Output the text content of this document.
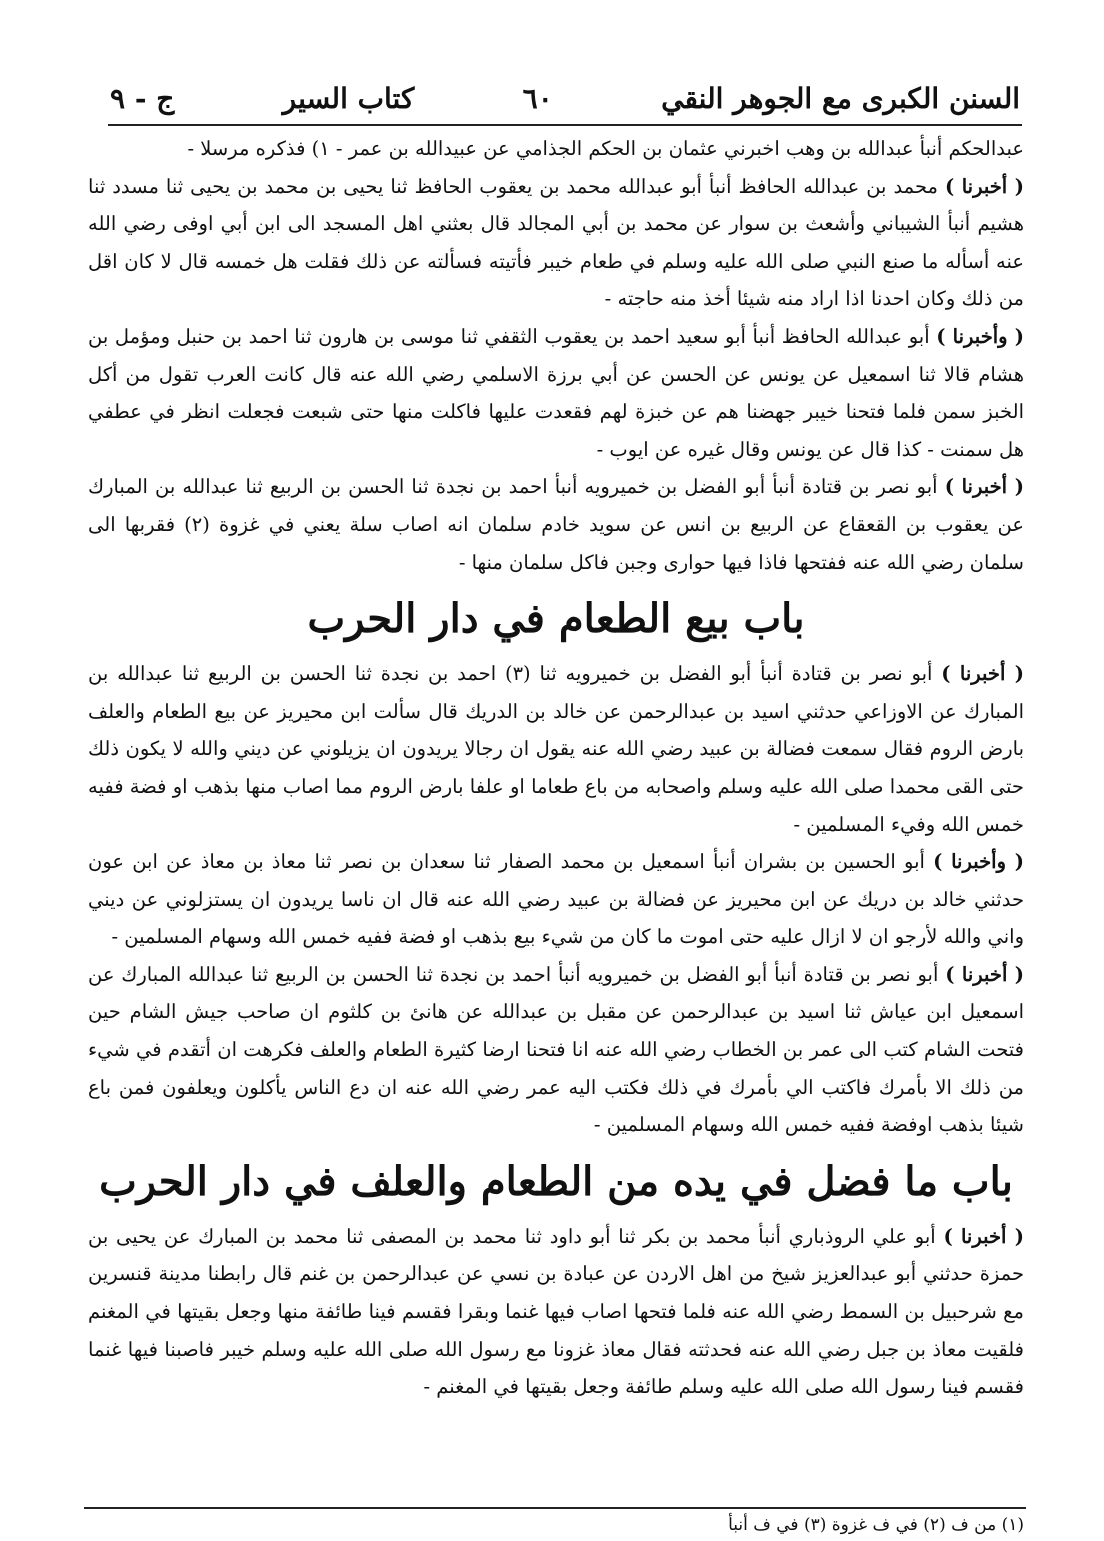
السنن الكبرى مع الجوهر النقي
٦٠
كتاب السير
ج - ٩

عبدالحكم أنبأ عبدالله بن وهب اخبرني عثمان بن الحكم الجذامي عن عبيدالله بن عمر - ١) فذكره مرسلا -

( أخبرنا ) محمد بن عبدالله الحافظ أنبأ أبو عبدالله محمد بن يعقوب الحافظ ثنا يحيى بن محمد بن يحيى ثنا مسدد ثنا هشيم أنبأ الشيباني وأشعث بن سوار عن محمد بن أبي المجالد قال بعثني اهل المسجد الى ابن أبي اوفى رضي الله عنه أسأله ما صنع النبي صلى الله عليه وسلم في طعام خيبر فأتيته فسألته عن ذلك فقلت هل خمسه قال لا كان اقل من ذلك وكان احدنا اذا اراد منه شيئا أخذ منه حاجته -

( وأخبرنا ) أبو عبدالله الحافظ أنبأ أبو سعيد احمد بن يعقوب الثقفي ثنا موسى بن هارون ثنا احمد بن حنبل ومؤمل بن هشام قالا ثنا اسمعيل عن يونس عن الحسن عن أبي برزة الاسلمي رضي الله عنه قال كانت العرب تقول من أكل الخبز سمن فلما فتحنا خيبر جهضنا هم عن خبزة لهم فقعدت عليها فاكلت منها حتى شبعت فجعلت انظر في عطفي هل سمنت - كذا قال عن يونس وقال غيره عن ايوب -

( أخبرنا ) أبو نصر بن قتادة أنبأ أبو الفضل بن خميرويه أنبأ احمد بن نجدة ثنا الحسن بن الربيع ثنا عبدالله بن المبارك عن يعقوب بن القعقاع عن الربيع بن انس عن سويد خادم سلمان انه اصاب سلة يعني في غزوة (٢) فقربها الى سلمان رضي الله عنه ففتحها فاذا فيها حوارى وجبن فاكل سلمان منها -

باب بيع الطعام في دار الحرب

( أخبرنا ) أبو نصر بن قتادة أنبأ أبو الفضل بن خميرويه ثنا (٣) احمد بن نجدة ثنا الحسن بن الربيع ثنا عبدالله بن المبارك عن الاوزاعي حدثني اسيد بن عبدالرحمن عن خالد بن الدريك قال سألت ابن محيريز عن بيع الطعام والعلف بارض الروم فقال سمعت فضالة بن عبيد رضي الله عنه يقول ان رجالا يريدون ان يزيلوني عن ديني والله لا يكون ذلك حتى القى محمدا صلى الله عليه وسلم واصحابه من باع طعاما او علفا بارض الروم مما اصاب منها بذهب او فضة ففيه خمس الله وفيء المسلمين -

( وأخبرنا ) أبو الحسين بن بشران أنبأ اسمعيل بن محمد الصفار ثنا سعدان بن نصر ثنا معاذ بن معاذ عن ابن عون حدثني خالد بن دريك عن ابن محيريز عن فضالة بن عبيد رضي الله عنه قال ان ناسا يريدون ان يستزلوني عن ديني واني والله لأرجو ان لا ازال عليه حتى اموت ما كان من شيء بيع بذهب او فضة ففيه خمس الله وسهام المسلمين -

( أخبرنا ) أبو نصر بن قتادة أنبأ أبو الفضل بن خميرويه أنبأ احمد بن نجدة ثنا الحسن بن الربيع ثنا عبدالله المبارك عن اسمعيل ابن عياش ثنا اسيد بن عبدالرحمن عن مقبل بن عبدالله عن هانئ بن كلثوم ان صاحب جيش الشام حين فتحت الشام كتب الى عمر بن الخطاب رضي الله عنه انا فتحنا ارضا كثيرة الطعام والعلف فكرهت ان أتقدم في شيء من ذلك الا بأمرك فاكتب الي بأمرك في ذلك فكتب اليه عمر رضي الله عنه ان دع الناس يأكلون ويعلفون فمن باع شيئا بذهب اوفضة ففيه خمس الله وسهام المسلمين -

باب ما فضل في يده من الطعام والعلف في دار الحرب

( أخبرنا ) أبو علي الروذباري أنبأ محمد بن بكر ثنا أبو داود ثنا محمد بن المصفى ثنا محمد بن المبارك عن يحيى بن حمزة حدثني أبو عبدالعزيز شيخ من اهل الاردن عن عبادة بن نسي عن عبدالرحمن بن غنم قال رابطنا مدينة قنسرين مع شرحبيل بن السمط رضي الله عنه فلما فتحها اصاب فيها غنما وبقرا فقسم فينا طائفة منها وجعل بقيتها في المغنم فلقيت معاذ بن جبل رضي الله عنه فحدثته فقال معاذ غزونا مع رسول الله صلى الله عليه وسلم خيبر فاصبنا فيها غنما فقسم فينا رسول الله صلى الله عليه وسلم طائفة وجعل بقيتها في المغنم -

(١) من ف (٢) في ف غزوة (٣) في ف أنبأ
